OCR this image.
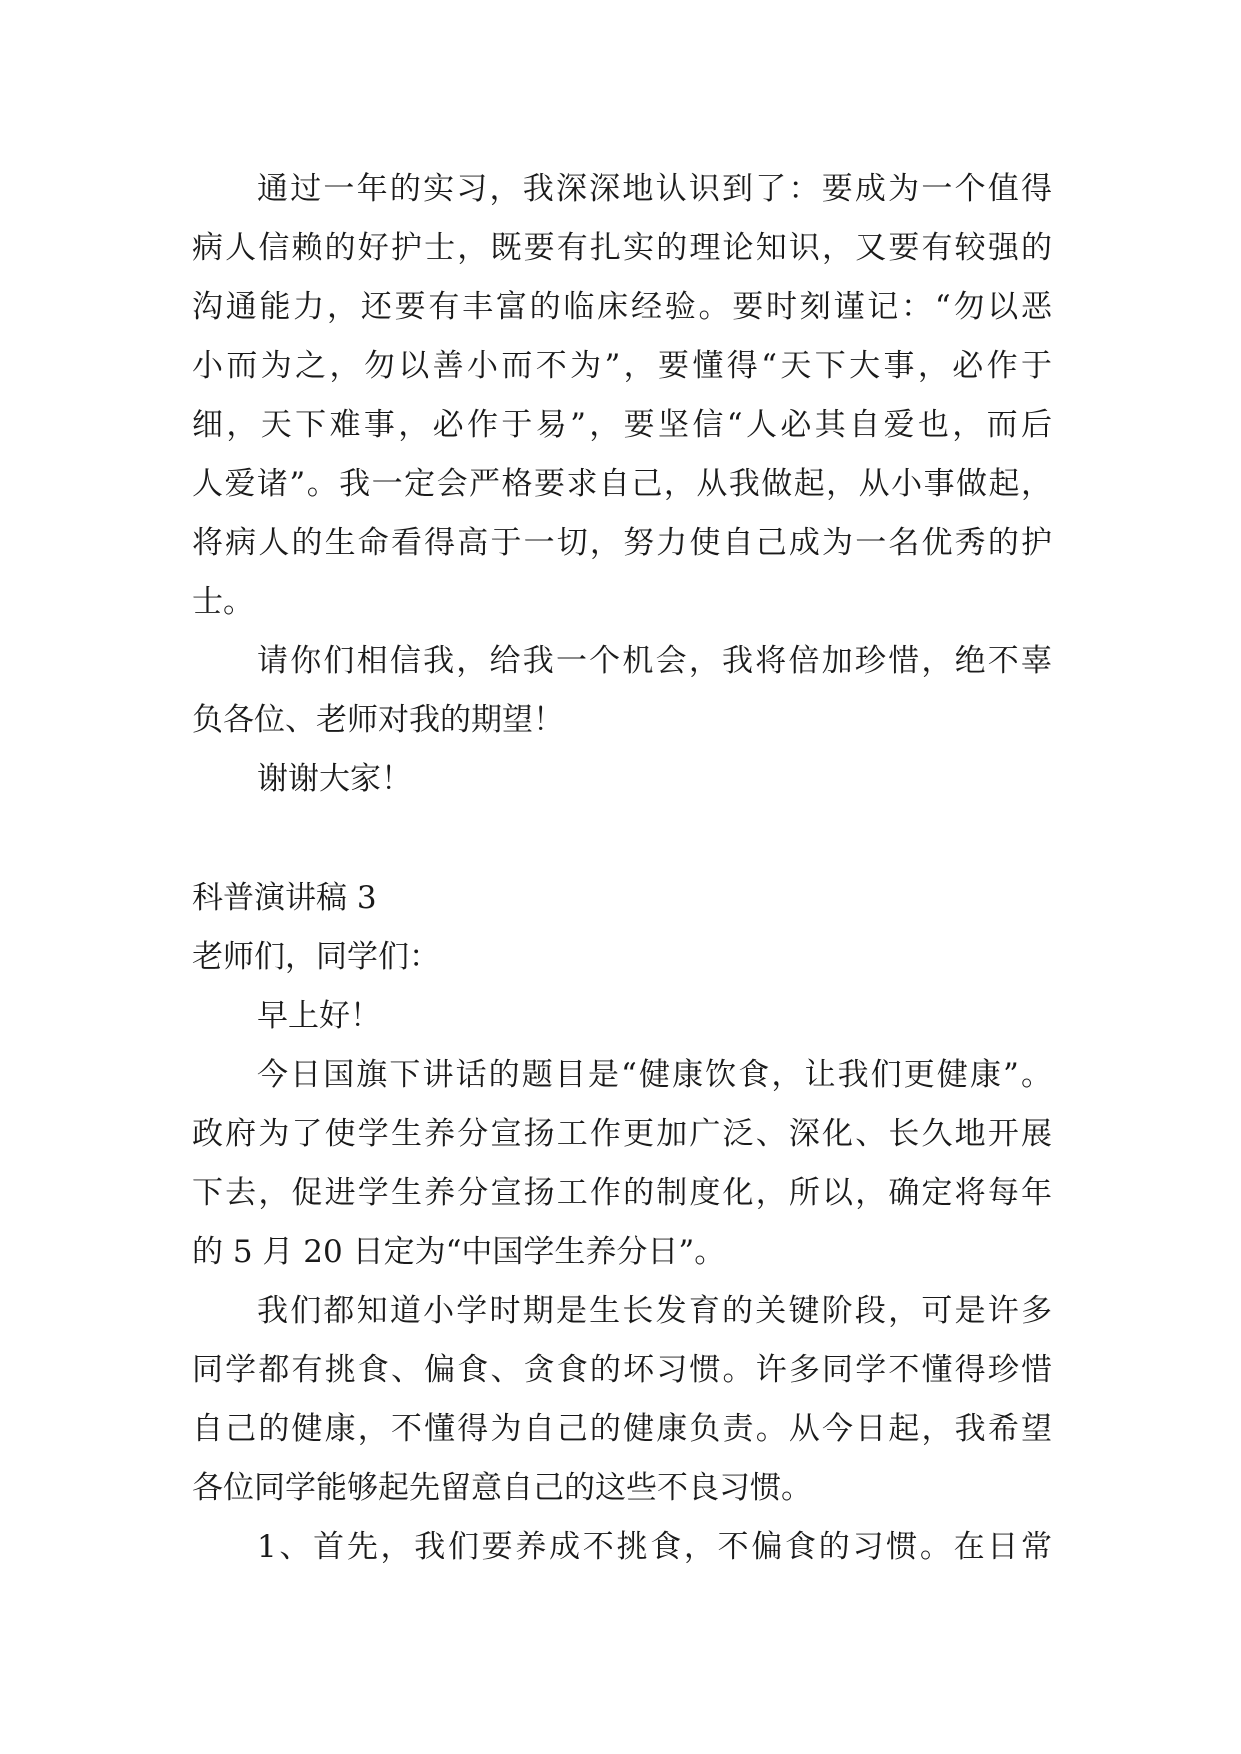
通过一年的实习，我深深地认识到了：要成为一个值得
病人信赖的好护士，既要有扎实的理论知识，又要有较强的
沟通能力，还要有丰富的临床经验。要时刻谨记：“勿以恶
小而为之，勿以善小而不为”，要懂得“天下大事，必作于
细，天下难事，必作于易”，要坚信“人必其自爱也，而后
人爱诸”。我一定会严格要求自己，从我做起，从小事做起，
将病人的生命看得高于一切，努力使自己成为一名优秀的护
士。
请你们相信我，给我一个机会，我将倍加珍惜，绝不辜
负各位、老师对我的期望！
谢谢大家！
科普演讲稿 3
老师们，同学们：
早上好！
今日国旗下讲话的题目是“健康饮食，让我们更健康”。
政府为了使学生养分宣扬工作更加广泛、深化、长久地开展
下去，促进学生养分宣扬工作的制度化，所以，确定将每年
的 5 月 20 日定为“中国学生养分日”。
我们都知道小学时期是生长发育的关键阶段，可是许多
同学都有挑食、偏食、贪食的坏习惯。许多同学不懂得珍惜
自己的健康，不懂得为自己的健康负责。从今日起，我希望
各位同学能够起先留意自己的这些不良习惯。
1、首先，我们要养成不挑食，不偏食的习惯。在日常
